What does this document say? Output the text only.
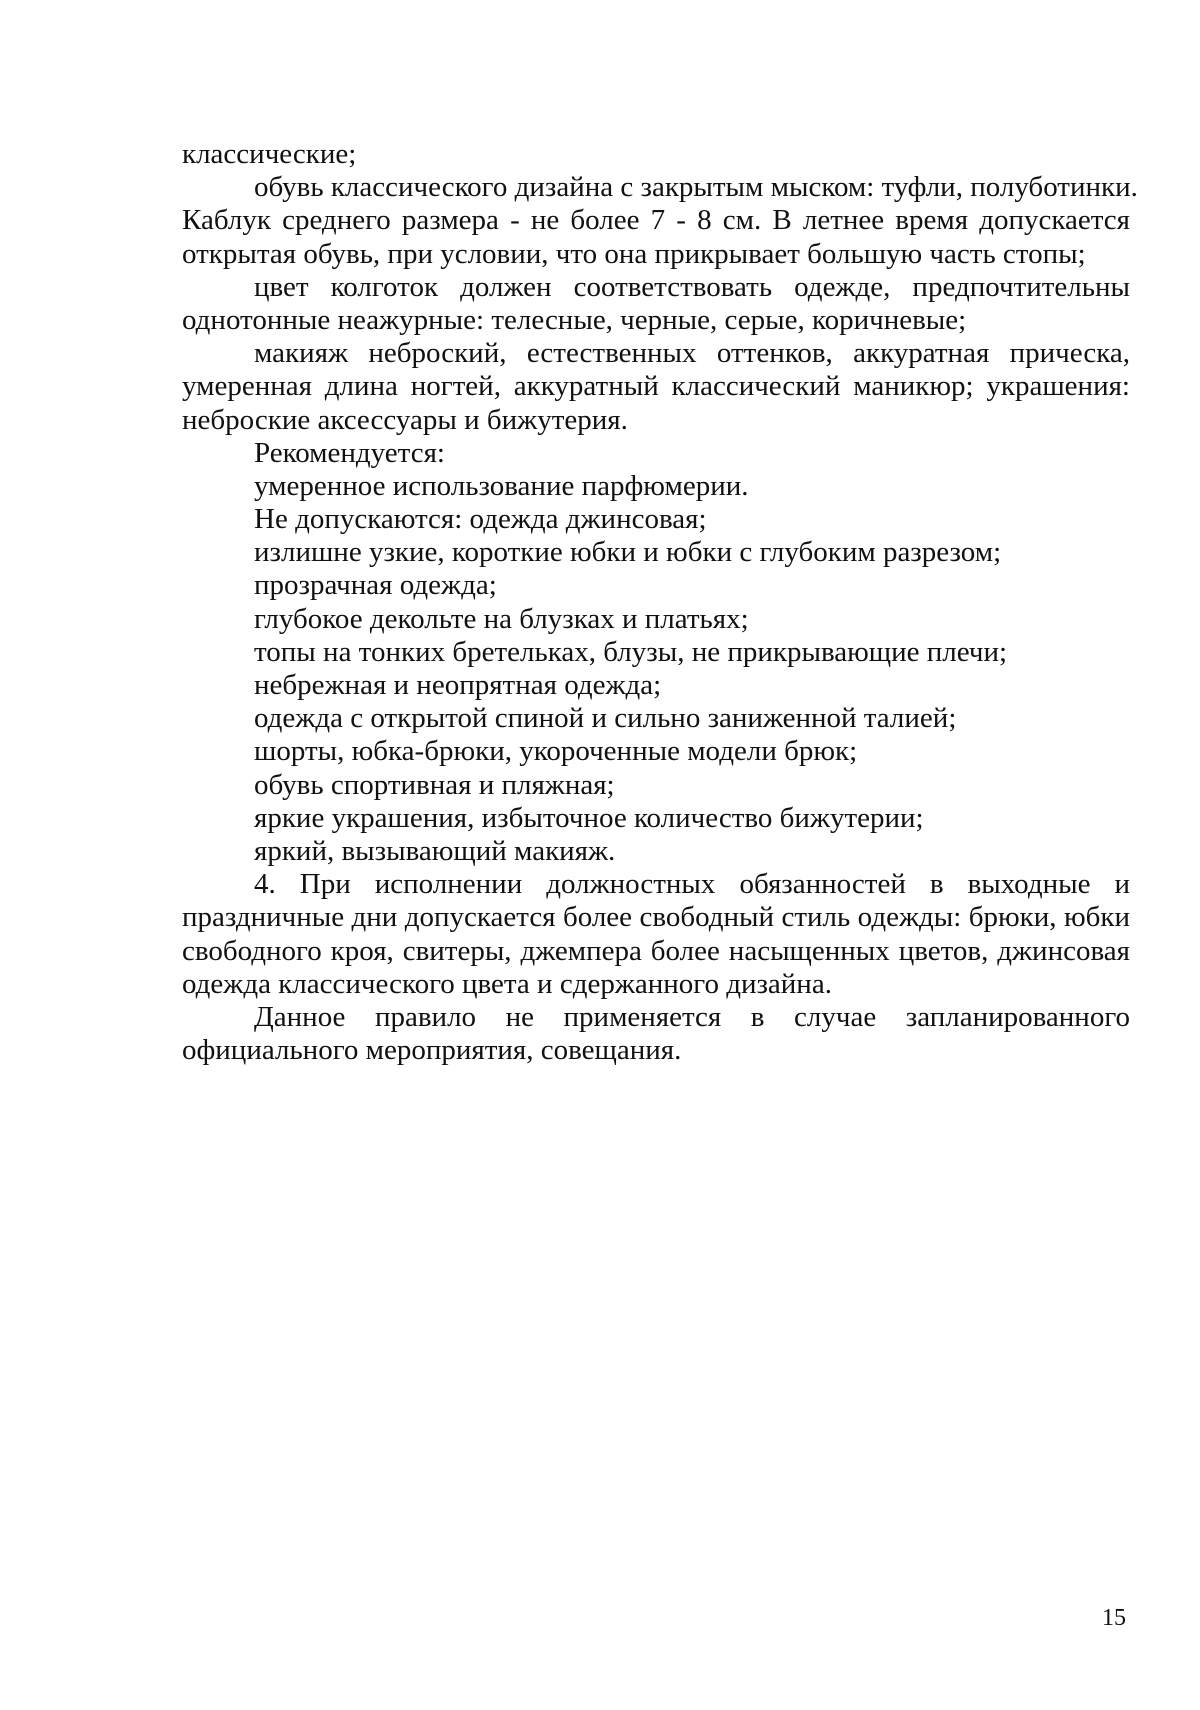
классические;
обувь классического дизайна с закрытым мыском: туфли, полуботинки.
Каблук среднего размера - не более 7 - 8 см. В летнее время допускается
открытая обувь, при условии, что она прикрывает большую часть стопы;
цвет колготок должен соответствовать одежде, предпочтительны
однотонные неажурные: телесные, черные, серые, коричневые;
макияж неброский, естественных оттенков, аккуратная прическа,
умеренная длина ногтей, аккуратный классический маникюр; украшения:
неброские аксессуары и бижутерия.
Рекомендуется:
умеренное использование парфюмерии.
Не допускаются: одежда джинсовая;
излишне узкие, короткие юбки и юбки с глубоким разрезом;
прозрачная одежда;
глубокое декольте на блузках и платьях;
топы на тонких бретельках, блузы, не прикрывающие плечи;
небрежная и неопрятная одежда;
одежда с открытой спиной и сильно заниженной талией;
шорты, юбка-брюки, укороченные модели брюк;
обувь спортивная и пляжная;
яркие украшения, избыточное количество бижутерии;
яркий, вызывающий макияж.
4. При исполнении должностных обязанностей в выходные и
праздничные дни допускается более свободный стиль одежды: брюки, юбки
свободного кроя, свитеры, джемпера более насыщенных цветов, джинсовая
одежда классического цвета и сдержанного дизайна.
Данное правило не применяется в случае запланированного
официального мероприятия, совещания.
15
